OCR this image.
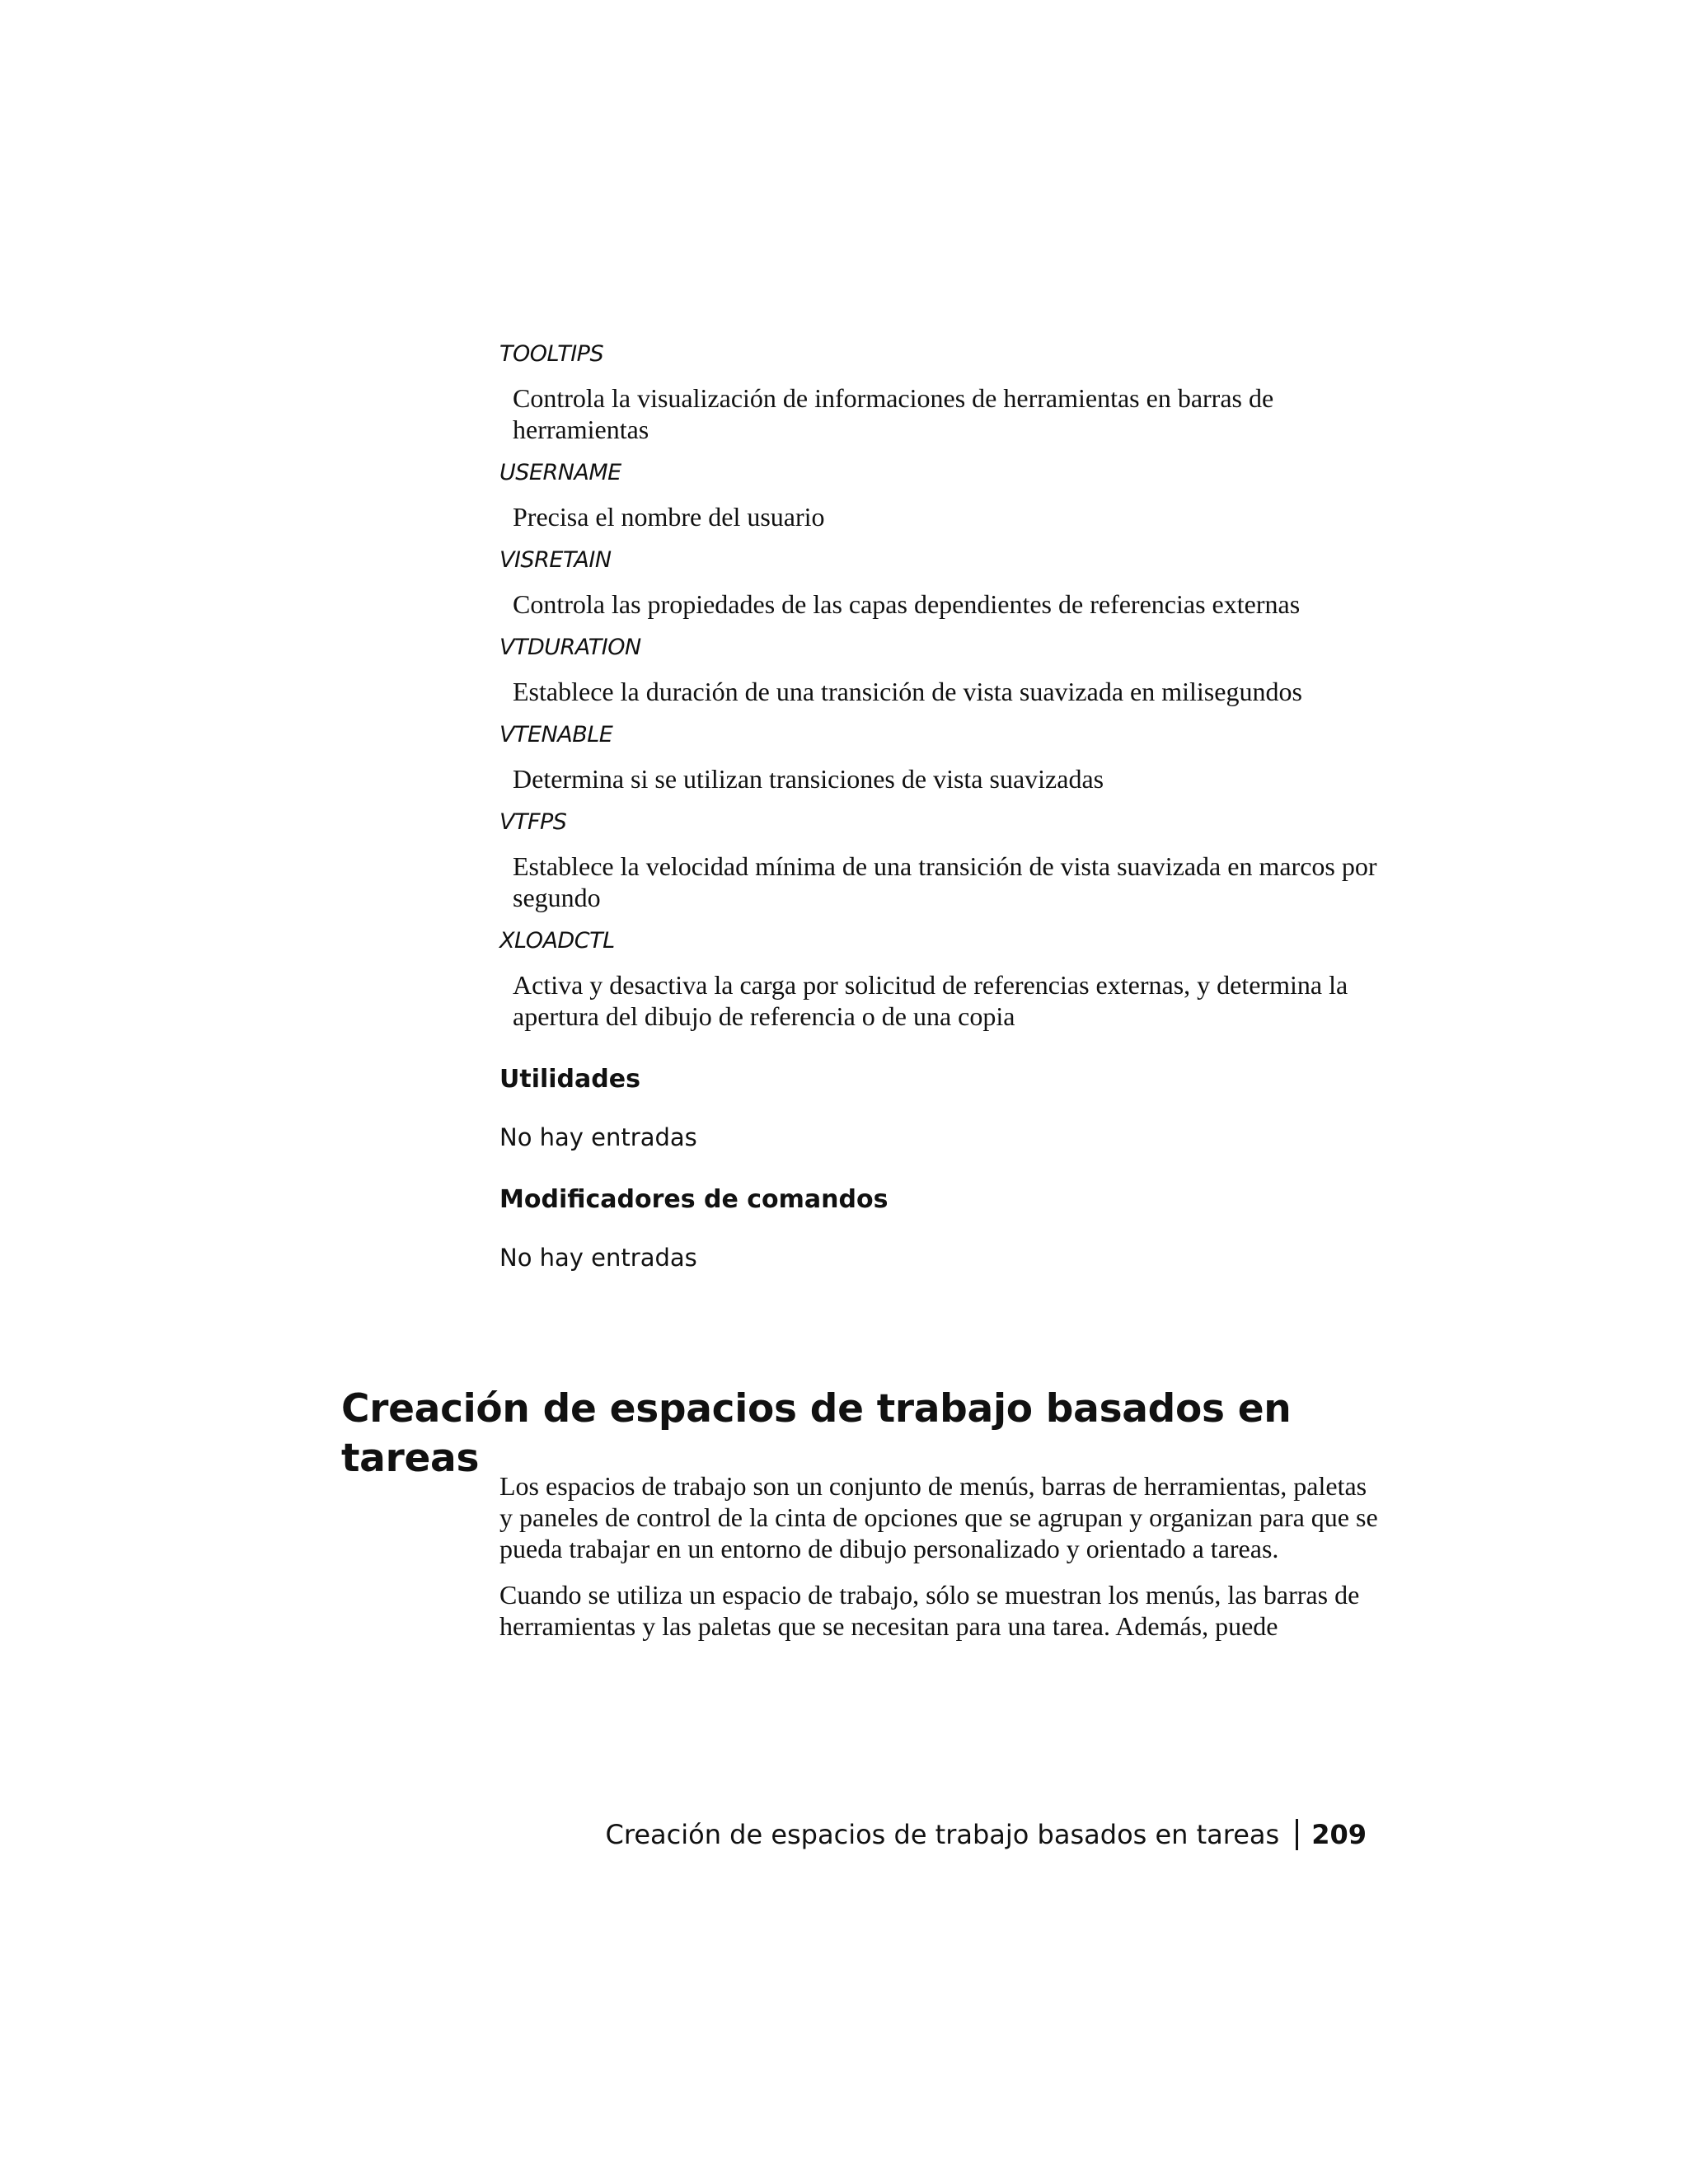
TOOLTIPS

Controla la visualización de informaciones de herramientas en barras de herramientas

USERNAME

Precisa el nombre del usuario

VISRETAIN

Controla las propiedades de las capas dependientes de referencias externas

VTDURATION

Establece la duración de una transición de vista suavizada en milisegundos

VTENABLE

Determina si se utilizan transiciones de vista suavizadas

VTFPS

Establece la velocidad mínima de una transición de vista suavizada en marcos por segundo

XLOADCTL

Activa y desactiva la carga por solicitud de referencias externas, y determina la apertura del dibujo de referencia o de una copia

Utilidades

No hay entradas

Modificadores de comandos

No hay entradas

Creación de espacios de trabajo basados en tareas

Los espacios de trabajo son un conjunto de menús, barras de herramientas, paletas y paneles de control de la cinta de opciones que se agrupan y organizan para que se pueda trabajar en un entorno de dibujo personalizado y orientado a tareas.

Cuando se utiliza un espacio de trabajo, sólo se muestran los menús, las barras de herramientas y las paletas que se necesitan para una tarea. Además, puede

Creación de espacios de trabajo basados en tareas 209
